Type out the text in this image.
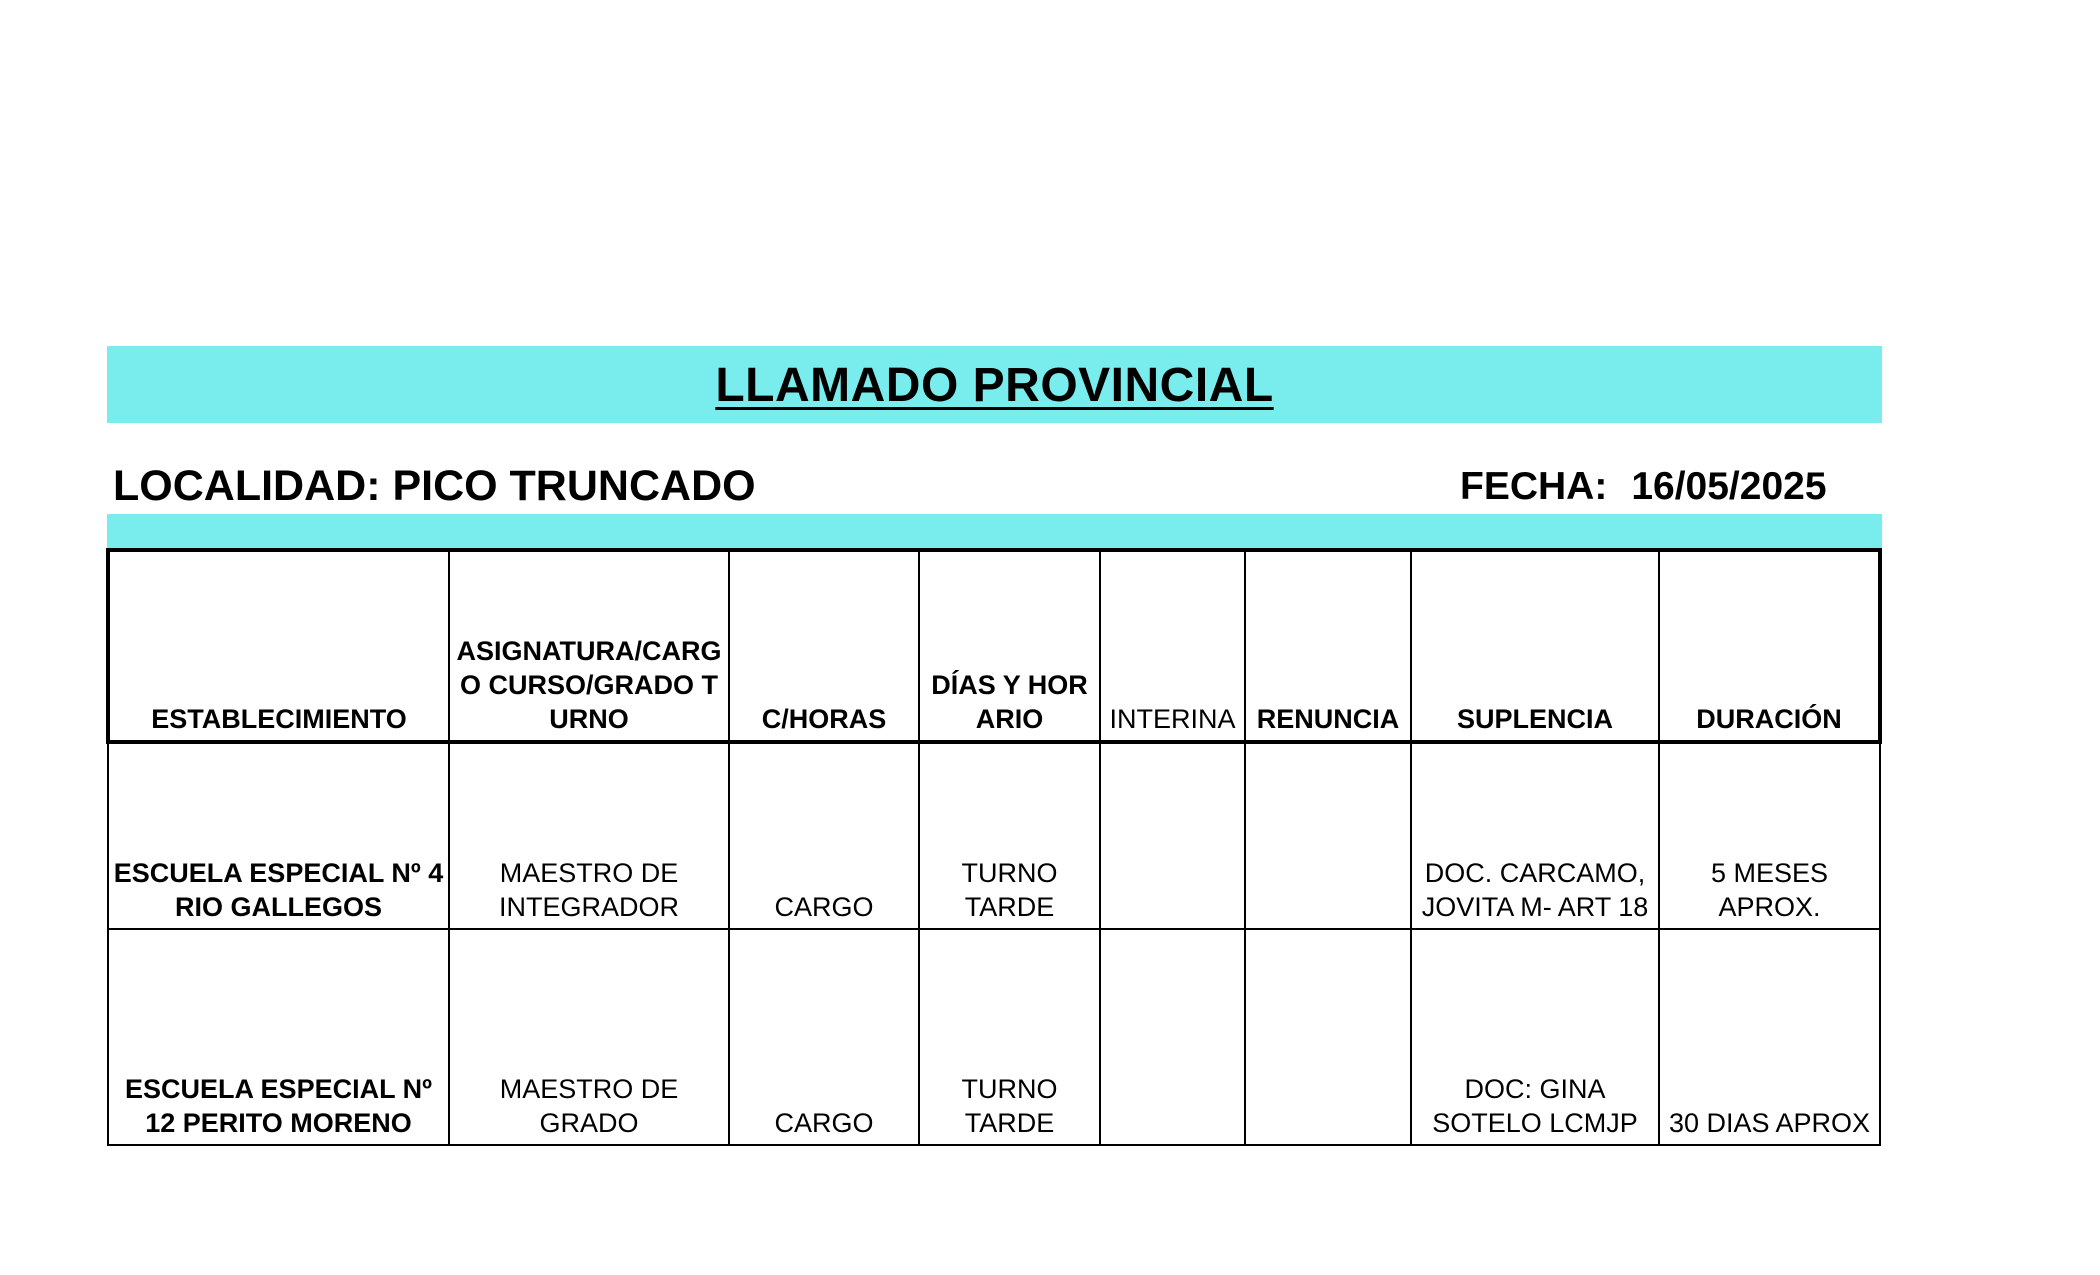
LLAMADO PROVINCIAL
LOCALIDAD: PICO TRUNCADO	FECHA: 16/05/2025
ESTABLECIMIENTO	ASIGNATURA/CARGO CURSO/GRADO TURNO	C/HORAS	DÍAS Y HORARIO	INTERINA	RENUNCIA	SUPLENCIA	DURACIÓN
ESCUELA ESPECIAL Nº 4 RIO GALLEGOS	MAESTRO DE INTEGRADOR	CARGO	TURNO TARDE			DOC. CARCAMO, JOVITA M- ART 18	5 MESES APROX.
ESCUELA ESPECIAL Nº 12 PERITO MORENO	MAESTRO DE GRADO	CARGO	TURNO TARDE			DOC: GINA SOTELO LCMJP	30 DIAS APROX
